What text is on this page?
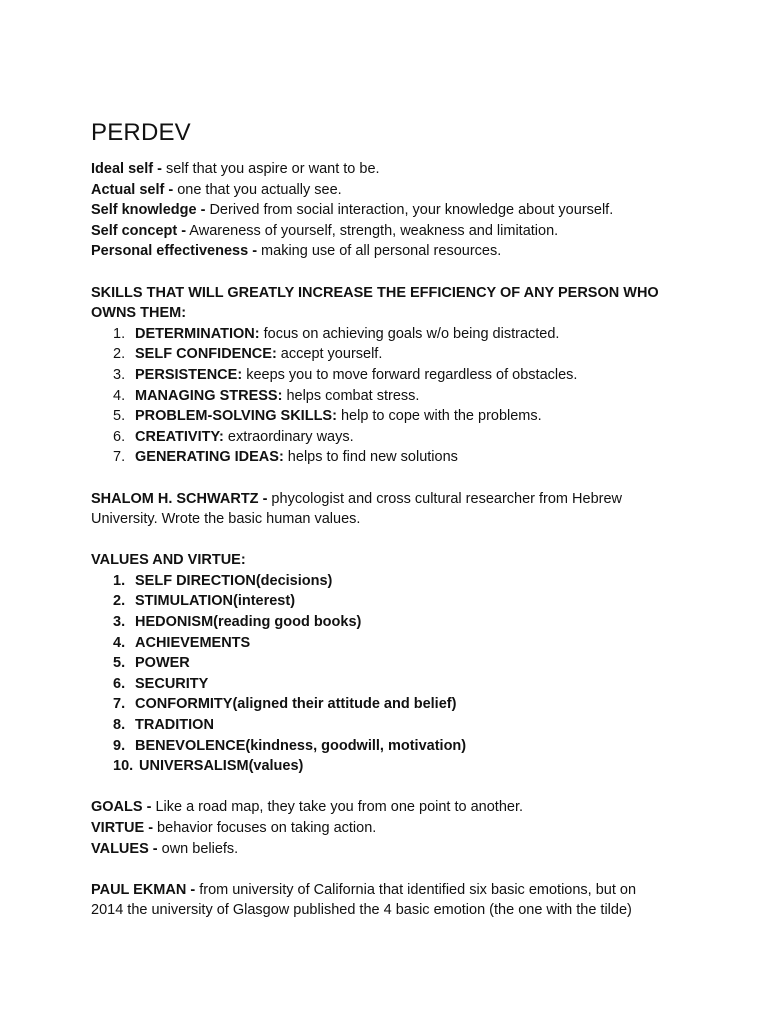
PERDEV

Ideal self - self that you aspire or want to be.

Actual self - one that you actually see.

Self knowledge - Derived from social interaction, your knowledge about yourself.

Self concept - Awareness of yourself, strength, weakness and limitation.

Personal effectiveness - making use of all personal resources.

SKILLS THAT WILL GREATLY INCREASE THE EFFICIENCY OF ANY PERSON WHO OWNS THEM:

1. DETERMINATION: focus on achieving goals w/o being distracted.
2. SELF CONFIDENCE: accept yourself.
3. PERSISTENCE: keeps you to move forward regardless of obstacles.
4. MANAGING STRESS: helps combat stress.
5. PROBLEM-SOLVING SKILLS: help to cope with the problems.
6. CREATIVITY: extraordinary ways.
7. GENERATING IDEAS: helps to find new solutions

SHALOM H. SCHWARTZ - phycologist and cross cultural researcher from Hebrew University. Wrote the basic human values.

VALUES AND VIRTUE:

1. SELF DIRECTION(decisions)
2. STIMULATION(interest)
3. HEDONISM(reading good books)
4. ACHIEVEMENTS
5. POWER
6. SECURITY
7. CONFORMITY(aligned their attitude and belief)
8. TRADITION
9. BENEVOLENCE(kindness, goodwill, motivation)
10. UNIVERSALISM(values)

GOALS - Like a road map, they take you from one point to another.

VIRTUE - behavior focuses on taking action.

VALUES - own beliefs.

PAUL EKMAN - from university of California that identified six basic emotions, but on 2014 the university of Glasgow published the 4 basic emotion (the one with the tilde)
